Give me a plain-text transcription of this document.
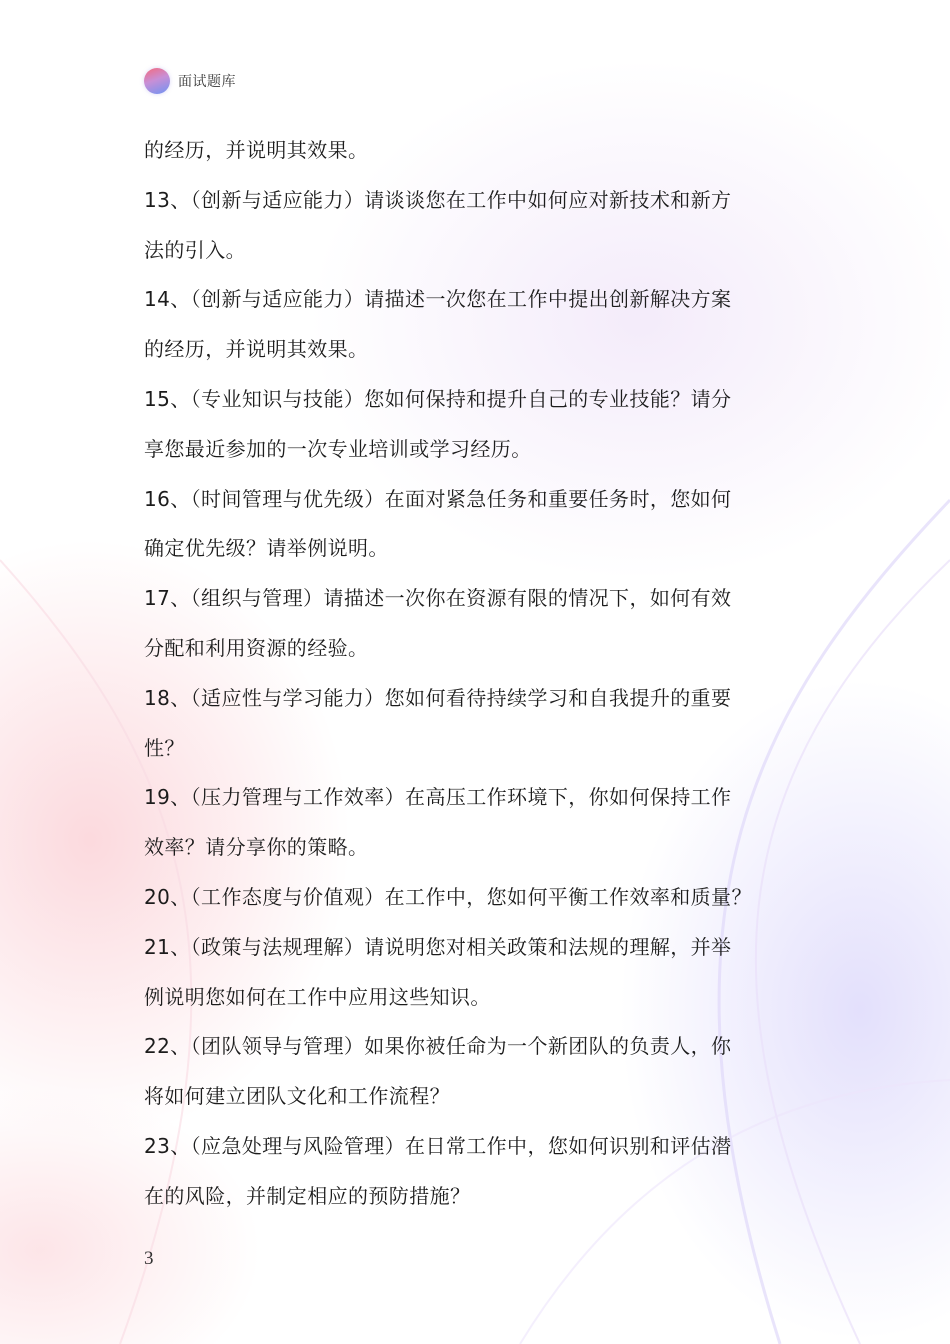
面试题库
的经历，并说明其效果。
13、（创新与适应能力）请谈谈您在工作中如何应对新技术和新方
法的引入。
14、（创新与适应能力）请描述一次您在工作中提出创新解决方案
的经历，并说明其效果。
15、（专业知识与技能）您如何保持和提升自己的专业技能？请分
享您最近参加的一次专业培训或学习经历。
16、（时间管理与优先级）在面对紧急任务和重要任务时，您如何
确定优先级？请举例说明。
17、（组织与管理）请描述一次你在资源有限的情况下，如何有效
分配和利用资源的经验。
18、（适应性与学习能力）您如何看待持续学习和自我提升的重要
性？
19、（压力管理与工作效率）在高压工作环境下，你如何保持工作
效率？请分享你的策略。
20、（工作态度与价值观）在工作中，您如何平衡工作效率和质量？
21、（政策与法规理解）请说明您对相关政策和法规的理解，并举
例说明您如何在工作中应用这些知识。
22、（团队领导与管理）如果你被任命为一个新团队的负责人，你
将如何建立团队文化和工作流程？
23、（应急处理与风险管理）在日常工作中，您如何识别和评估潜
在的风险，并制定相应的预防措施？
3
